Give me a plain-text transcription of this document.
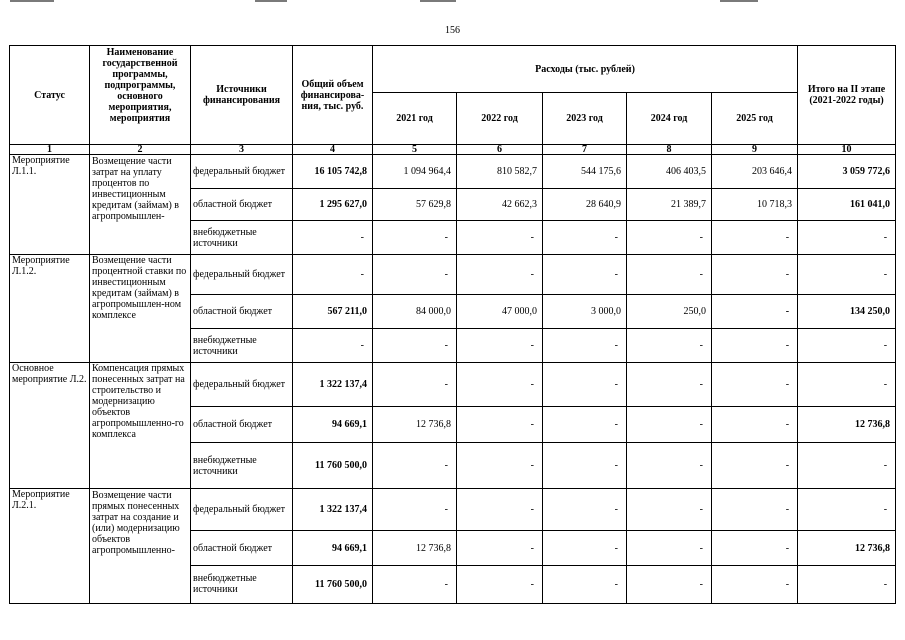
156
Статус	Наименование государственной программы, подпрограммы, основного мероприятия, мероприятия	Источники финансирования	Общий объем финансирова-ния, тыс. руб.	Расходы (тыс. рублей)					Итого на II этапе (2021-2022 годы)
				2021 год	2022 год	2023 год	2024 год	2025 год	
1	2	3	4	5	6	7	8	9	10
Мероприятие Л.1.1.	Возмещение части затрат на уплату процентов по инвестиционным кредитам (займам) в агропромышлен-	федеральный бюджет	16 105 742,8	1 094 964,4	810 582,7	544 175,6	406 403,5	203 646,4	3 059 772,6
		областной бюджет	1 295 627,0	57 629,8	42 662,3	28 640,9	21 389,7	10 718,3	161 041,0
		внебюджетные источники	-	-	-	-	-	-	-
Мероприятие Л.1.2.	Возмещение части процентной ставки по инвестиционным кредитам (займам) в агропромышлен-ном комплексе	федеральный бюджет	-	-	-	-	-	-	-
		областной бюджет	567 211,0	84 000,0	47 000,0	3 000,0	250,0	-	134 250,0
		внебюджетные источники	-	-	-	-	-	-	-
Основное мероприятие Л.2.	Компенсация прямых понесенных затрат на строительство и модернизацию объектов агропромышленно-го комплекса	федеральный бюджет	1 322 137,4	-	-	-	-	-	-
		областной бюджет	94 669,1	12 736,8	-	-	-	-	12 736,8
		внебюджетные источники	11 760 500,0	-	-	-	-	-	-
Мероприятие Л.2.1.	Возмещение части прямых понесенных затрат на создание и (или) модернизацию объектов агропромышленно-	федеральный бюджет	1 322 137,4	-	-	-	-	-	-
		областной бюджет	94 669,1	12 736,8	-	-	-	-	12 736,8
		внебюджетные источники	11 760 500,0	-	-	-	-	-	-
